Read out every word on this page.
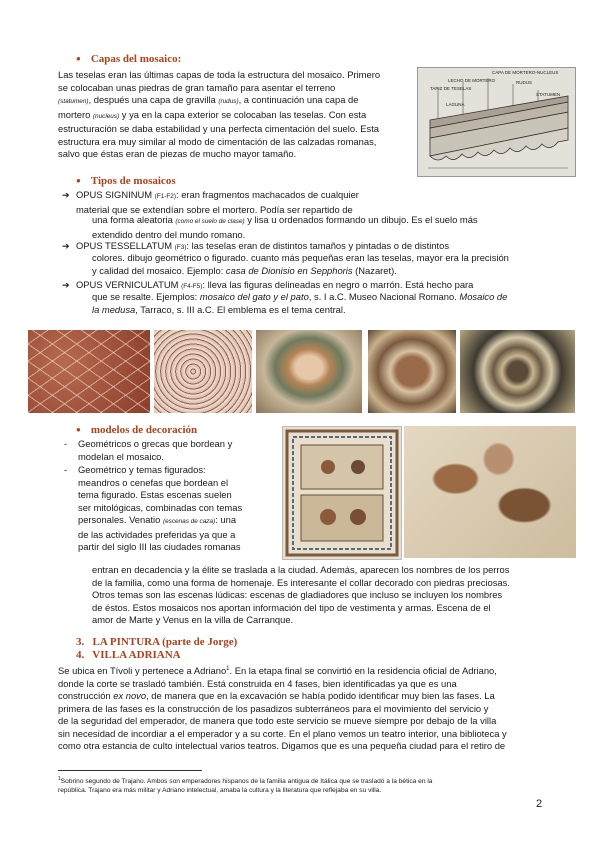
● Capas del mosaico:
Las teselas eran las últimas capas de toda la estructura del mosaico. Primero
se colocaban unas piedras de gran tamaño para asentar el terreno
(statumen), después una capa de gravilla (rudus), a continuación una capa de
mortero (nucleus) y ya en la capa exterior se colocaban las teselas. Con esta
estructuración se daba estabilidad y una perfecta cimentación del suelo. Esta
estructura era muy similar al modo de cimentación de las calzadas romanas,
salvo que éstas eran de piezas de mucho mayor tamaño.
CAPA DE MORTERO-NUCLEUS
LECHO DE MORTERO	RUDUS
TAPIZ DE TESELAS
STATUMEN
LAGUNA
● Tipos de mosaicos
➔ OPUS SIGNINUM (F1-F2): eran fragmentos machacados de cualquier
material que se extendían sobre el mortero. Podía ser repartido de
una forma aleatoria (como el suelo de clase) y lisa u ordenados formando un dibujo. Es el suelo más
extendido dentro del mundo romano.
➔ OPUS TESSELLATUM (F3): las teselas eran de distintos tamaños y pintadas o de distintos
colores. dibujo geométrico o figurado. cuanto más pequeñas eran las teselas, mayor era la precisión
y calidad del mosaico. Ejemplo: casa de Dionisio en Sepphoris (Nazaret).
➔ OPUS VERNICULATUM (F4-F5): lleva las figuras delineadas en negro o marrón. Está hecho para
que se resalte. Ejemplos: mosaico del gato y el pato, s. I a.C. Museo Nacional Romano. Mosaico de
la medusa, Tarraco, s. III a.C. El emblema es el tema central.
● modelos de decoración
- Geométricos o grecas que bordean y
modelan el mosaico.
- Geométrico y temas figurados:
meandros o cenefas que bordean el
tema figurado. Estas escenas suelen
ser mitológicas, combinadas con temas
personales. Venatio (escenas de caza): una
de las actividades preferidas ya que a
partir del siglo III las ciudades romanas
entran en decadencia y la élite se traslada a la ciudad. Además, aparecen los nombres de los perros
de la familia, como una forma de homenaje. Es interesante el collar decorado con piedras preciosas.
Otros temas son las escenas lúdicas: escenas de gladiadores que incluso se incluyen los nombres
de éstos. Estos mosaicos nos aportan información del tipo de vestimenta y armas. Escena de el
amor de Marte y Venus en la villa de Carranque.
3.   LA PINTURA (parte de Jorge)
4.   VILLA ADRIANA
Se ubica en Tívoli y pertenece a Adriano$^1$. En la etapa final se convirtió en la residencia oficial de Adriano,
donde la corte se trasladó también. Está construida en 4 fases, bien identificadas ya que es una
construcción ex novo, de manera que en la excavación se había podido identificar muy bien las fases. La
primera de las fases es la construcción de los pasadizos subterráneos para el movimiento del servicio y
de la seguridad del emperador, de manera que todo este servicio se mueve siempre por debajo de la villa
sin necesidad de incordiar a el emperador y a su corte. En el plano vemos un teatro interior, una biblioteca y
como otra estancia de culto intelectual varios teatros. Digamos que es una pequeña ciudad para el retiro de
$^1$Sobrino segundo de Trajano. Ambos son emperadores hispanos de la familia antigua de Itálica que se trasladó a la bética en la
república. Trajano era más militar y Adriano intelectual, amaba la cultura y la literatura que reflejaba en su villa.
2
